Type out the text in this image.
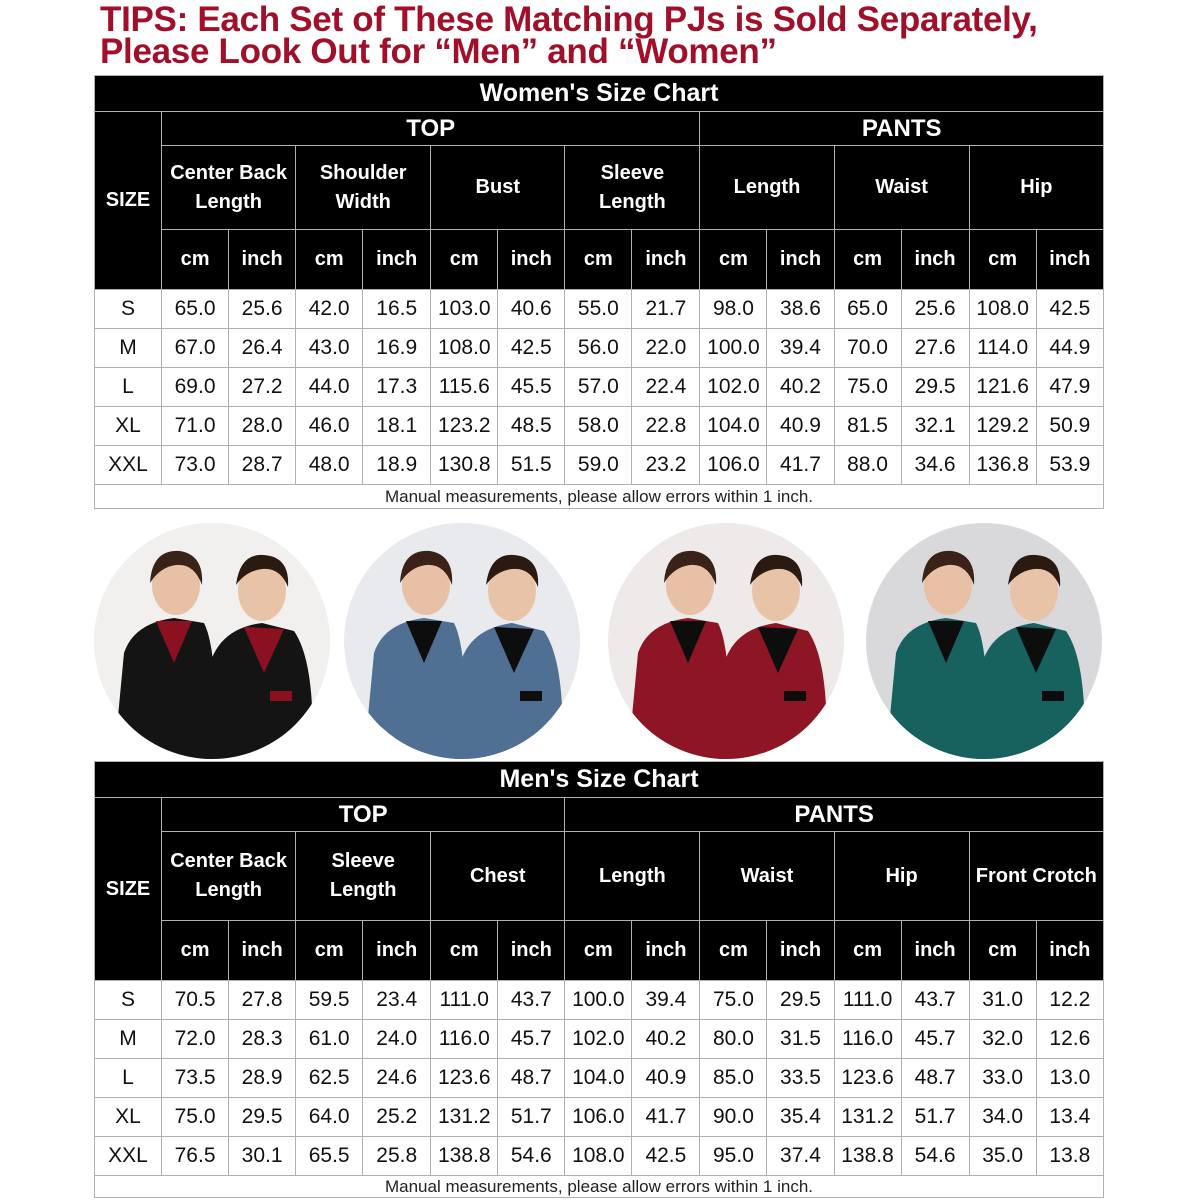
TIPS: Each Set of These Matching PJs is Sold Separately,
Please Look Out for “Men” and “Women”
Women's Size Chart														
SIZE	TOP								PANTS					
	Center Back Length		Shoulder Width		Bust		Sleeve Length		Length		Waist		Hip	
	cm	inch	cm	inch	cm	inch	cm	inch	cm	inch	cm	inch	cm	inch
S	65.0	25.6	42.0	16.5	103.0	40.6	55.0	21.7	98.0	38.6	65.0	25.6	108.0	42.5
M	67.0	26.4	43.0	16.9	108.0	42.5	56.0	22.0	100.0	39.4	70.0	27.6	114.0	44.9
L	69.0	27.2	44.0	17.3	115.6	45.5	57.0	22.4	102.0	40.2	75.0	29.5	121.6	47.9
XL	71.0	28.0	46.0	18.1	123.2	48.5	58.0	22.8	104.0	40.9	81.5	32.1	129.2	50.9
XXL	73.0	28.7	48.0	18.9	130.8	51.5	59.0	23.2	106.0	41.7	88.0	34.6	136.8	53.9
Manual measurements, please allow errors within 1 inch.														
Men's Size Chart														
SIZE	TOP						PANTS							
	Center Back Length		Sleeve Length		Chest		Length		Waist		Hip		Front Crotch	
	cm	inch	cm	inch	cm	inch	cm	inch	cm	inch	cm	inch	cm	inch
S	70.5	27.8	59.5	23.4	111.0	43.7	100.0	39.4	75.0	29.5	111.0	43.7	31.0	12.2
M	72.0	28.3	61.0	24.0	116.0	45.7	102.0	40.2	80.0	31.5	116.0	45.7	32.0	12.6
L	73.5	28.9	62.5	24.6	123.6	48.7	104.0	40.9	85.0	33.5	123.6	48.7	33.0	13.0
XL	75.0	29.5	64.0	25.2	131.2	51.7	106.0	41.7	90.0	35.4	131.2	51.7	34.0	13.4
XXL	76.5	30.1	65.5	25.8	138.8	54.6	108.0	42.5	95.0	37.4	138.8	54.6	35.0	13.8
Manual measurements, please allow errors within 1 inch.														
